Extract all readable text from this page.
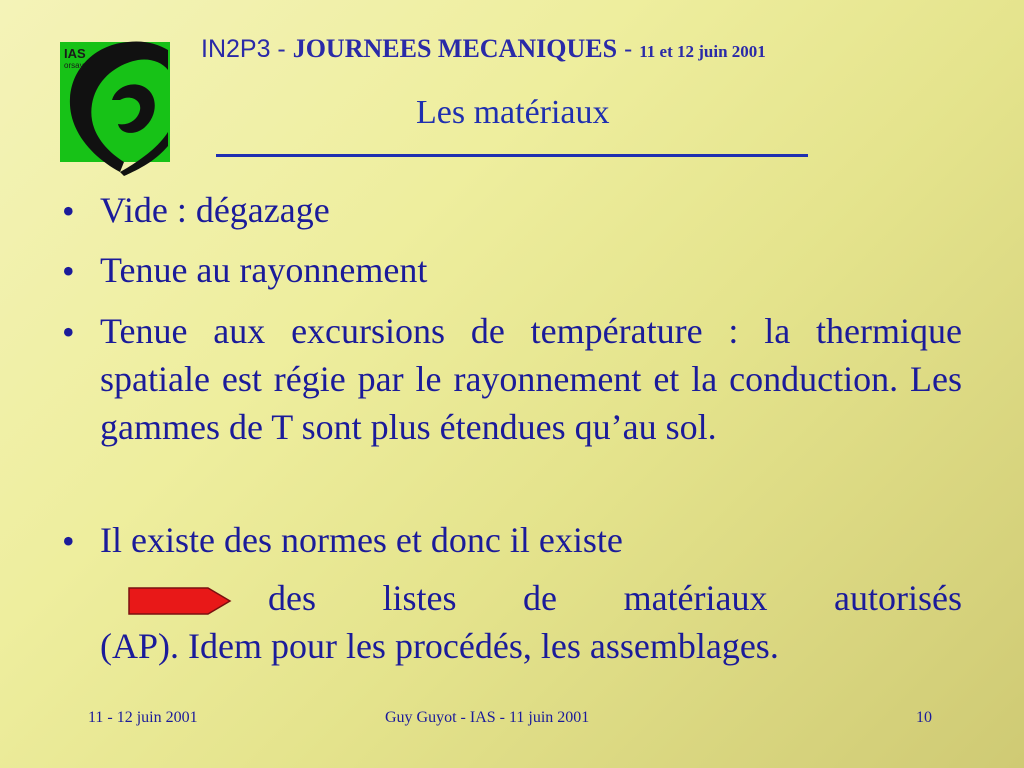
IAS
orsay
IN2P3 - JOURNEES MECANIQUES - 11 et 12 juin 2001
Les matériaux
• Vide : dégazage
• Tenue au rayonnement
• Tenue aux excursions de température : la thermique spatiale est régie par le rayonnement et la conduction. Les gammes de T sont plus étendues qu’au sol.
• Il existe des normes et donc il existe
des listes de matériaux autorisés
(AP). Idem pour les procédés, les assemblages.
11 - 12 juin 2001	Guy Guyot - IAS - 11 juin 2001	10
